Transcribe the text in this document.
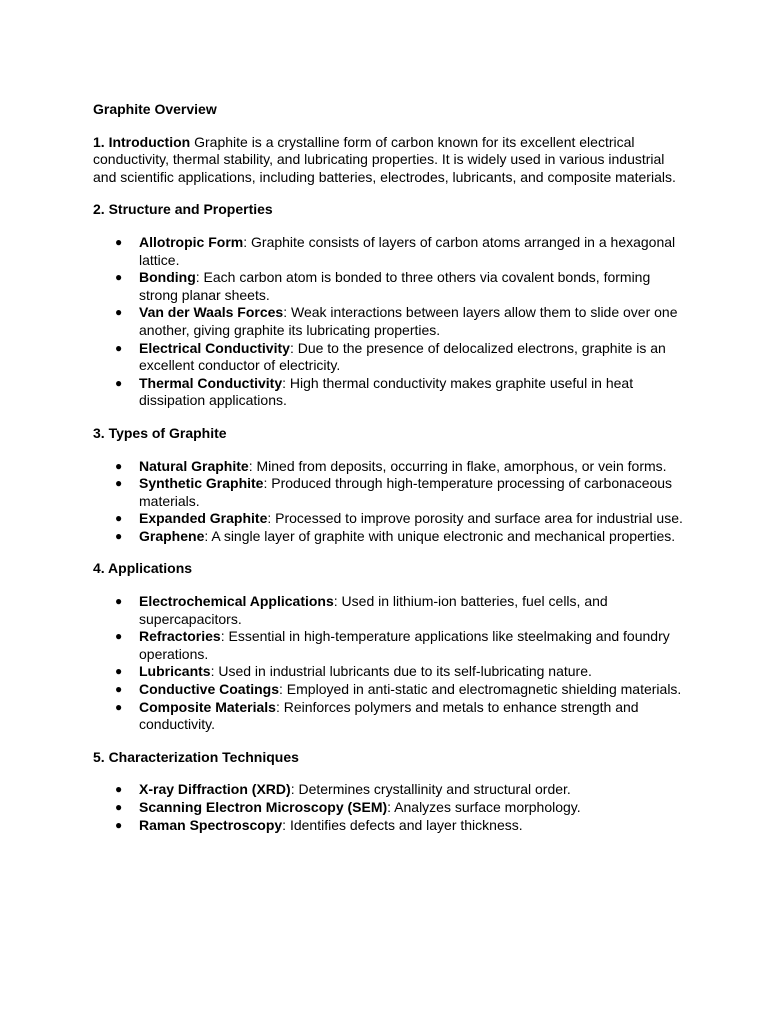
Graphite Overview

1. Introduction Graphite is a crystalline form of carbon known for its excellent electrical conductivity, thermal stability, and lubricating properties. It is widely used in various industrial and scientific applications, including batteries, electrodes, lubricants, and composite materials.

2. Structure and Properties
● Allotropic Form: Graphite consists of layers of carbon atoms arranged in a hexagonal lattice.
● Bonding: Each carbon atom is bonded to three others via covalent bonds, forming strong planar sheets.
● Van der Waals Forces: Weak interactions between layers allow them to slide over one another, giving graphite its lubricating properties.
● Electrical Conductivity: Due to the presence of delocalized electrons, graphite is an excellent conductor of electricity.
● Thermal Conductivity: High thermal conductivity makes graphite useful in heat dissipation applications.
3. Types of Graphite
● Natural Graphite: Mined from deposits, occurring in flake, amorphous, or vein forms.
● Synthetic Graphite: Produced through high-temperature processing of carbonaceous materials.
● Expanded Graphite: Processed to improve porosity and surface area for industrial use.
● Graphene: A single layer of graphite with unique electronic and mechanical properties.
4. Applications
● Electrochemical Applications: Used in lithium-ion batteries, fuel cells, and supercapacitors.
● Refractories: Essential in high-temperature applications like steelmaking and foundry operations.
● Lubricants: Used in industrial lubricants due to its self-lubricating nature.
● Conductive Coatings: Employed in anti-static and electromagnetic shielding materials.
● Composite Materials: Reinforces polymers and metals to enhance strength and conductivity.
5. Characterization Techniques
● X-ray Diffraction (XRD): Determines crystallinity and structural order.
● Scanning Electron Microscopy (SEM): Analyzes surface morphology.
● Raman Spectroscopy: Identifies defects and layer thickness.
